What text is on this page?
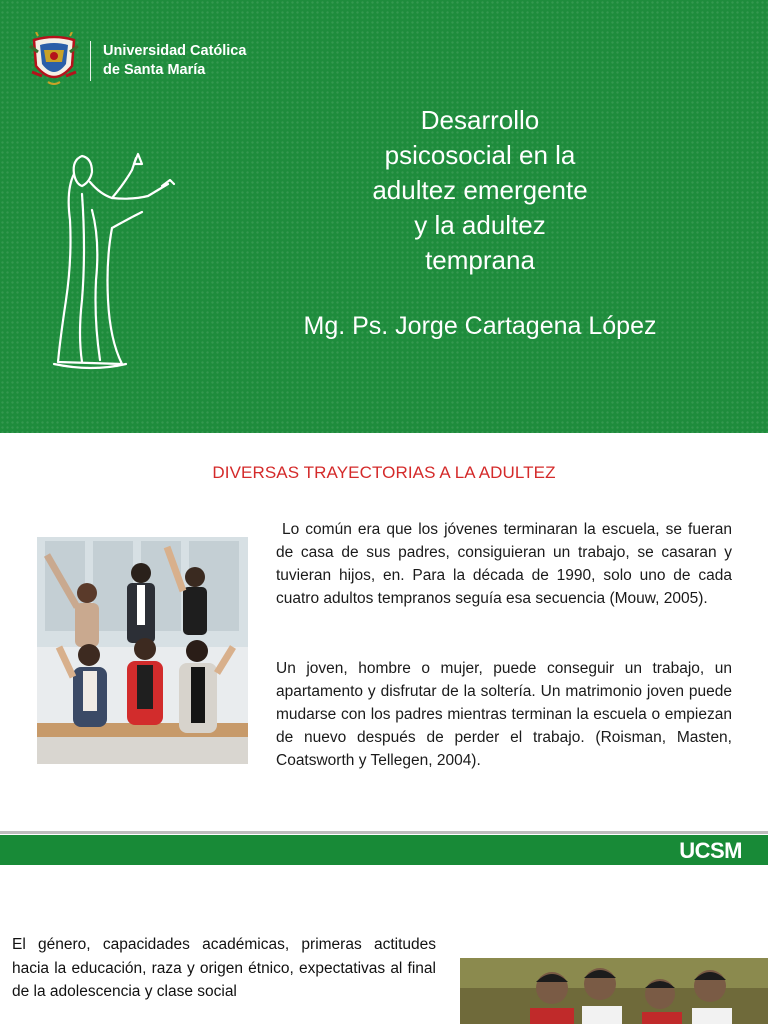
Universidad Católica
de Santa María
Desarrollo
psicosocial en la
adultez emergente
y la adultez
temprana
Mg. Ps. Jorge Cartagena López
DIVERSAS TRAYECTORIAS A LA ADULTEZ
Lo común era que los jóvenes terminaran la escuela, se fueran de casa de sus padres, consiguieran un trabajo, se casaran y tuvieran hijos, en. Para la década de 1990, solo uno de cada cuatro adultos tempranos seguía esa secuencia (Mouw, 2005).
Un joven, hombre o mujer, puede conseguir un trabajo, un apartamento y disfrutar de la soltería. Un matrimonio joven puede mudarse con los padres mientras terminan la escuela o empiezan de nuevo después de perder el trabajo. (Roisman, Masten, Coatsworth y Tellegen, 2004).
UCSM
El género, capacidades académicas, primeras actitudes hacia la educación, raza y origen étnico, expectativas al final de la adolescencia y clase social
